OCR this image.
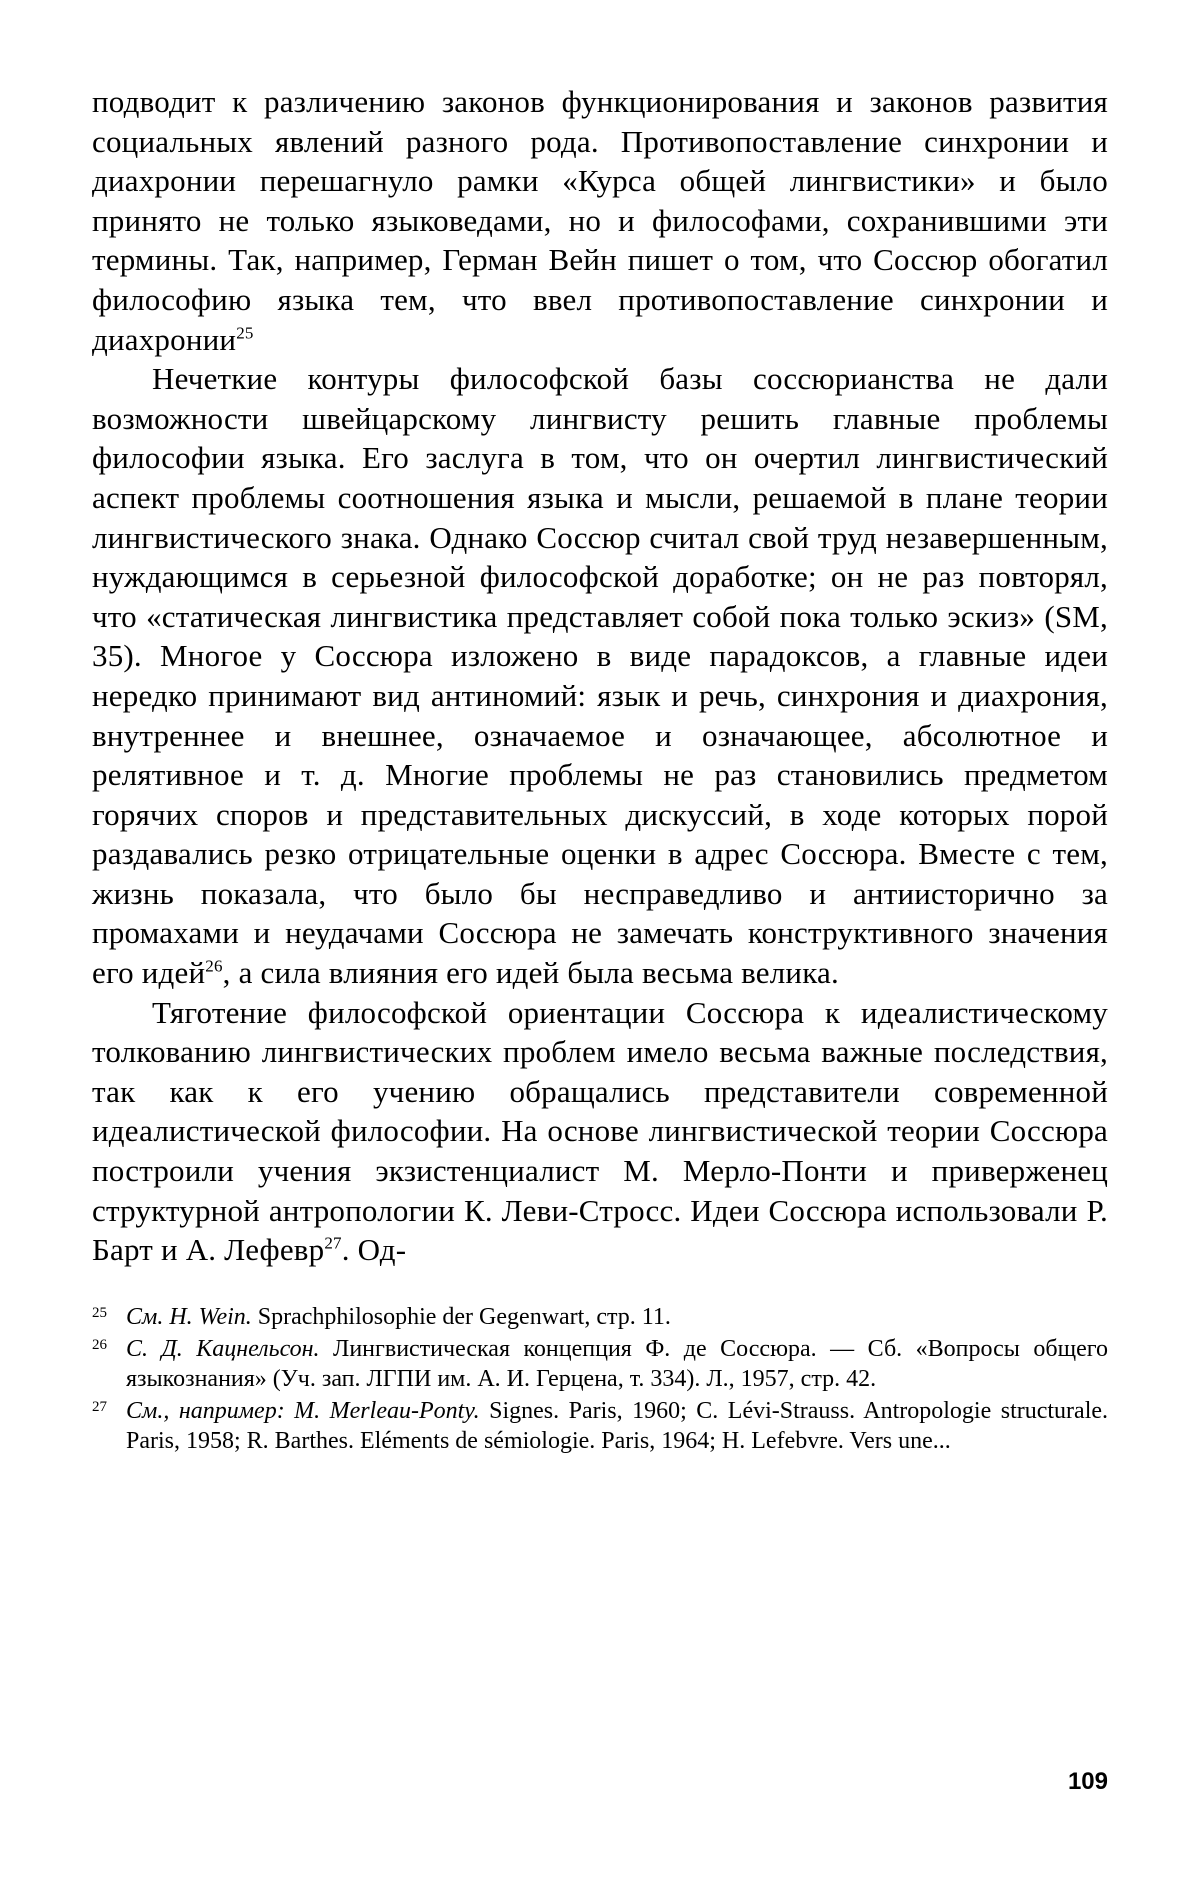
подводит к различению законов функционирования и законов развития социальных явлений разного рода. Противопоставление синхронии и диахронии перешагнуло рамки «Курса общей лингвистики» и было принято не только языковедами, но и философами, сохранившими эти термины. Так, например, Герман Вейн пишет о том, что Соссюр обогатил философию языка тем, что ввел противопоставление синхронии и диахронии$^{25}$

Нечеткие контуры философской базы соссюрианства не дали возможности швейцарскому лингвисту решить главные проблемы философии языка. Его заслуга в том, что он очертил лингвистический аспект проблемы соотношения языка и мысли, решаемой в плане теории лингвистического знака. Однако Соссюр считал свой труд незавершенным, нуждающимся в серьезной философской доработке; он не раз повторял, что «статическая лингвистика представляет собой пока только эскиз» (SM, 35). Многое у Соссюра изложено в виде парадоксов, а главные идеи нередко принимают вид антиномий: язык и речь, синхрония и диахрония, внутреннее и внешнее, означаемое и означающее, абсолютное и релятивное и т. д. Многие проблемы не раз становились предметом горячих споров и представительных дискуссий, в ходе которых порой раздавались резко отрицательные оценки в адрес Соссюра. Вместе с тем, жизнь показала, что было бы несправедливо и антиисторично за промахами и неудачами Соссюра не замечать конструктивного значения его идей$^{26}$, а сила влияния его идей была весьма велика.

Тяготение философской ориентации Соссюра к идеалистическому толкованию лингвистических проблем имело весьма важные последствия, так как к его учению обращались представители современной идеалистической философии. На основе лингвистической теории Соссюра построили учения экзистенциалист М. Мерло-Понти и приверженец структурной антропологии К. Леви-Стросс. Идеи Соссюра использовали Р. Барт и А. Лефевр$^{27}$. Од-

25 См. H. Wein. Sprachphilosophie der Gegenwart, стр. 11.
26 С. Д. Кацнельсон. Лингвистическая концепция Ф. де Соссюра. — Сб. «Вопросы общего языкознания» (Уч. зап. ЛГПИ им. А. И. Герцена, т. 334). Л., 1957, стр. 42.
27 См., например: M. Merleau-Ponty. Signes. Paris, 1960; C. Lévi-Strauss. Antropologie structurale. Paris, 1958; R. Barthes. Eléments de sémiologie. Paris, 1964; H. Lefebvre. Vers une...
109
